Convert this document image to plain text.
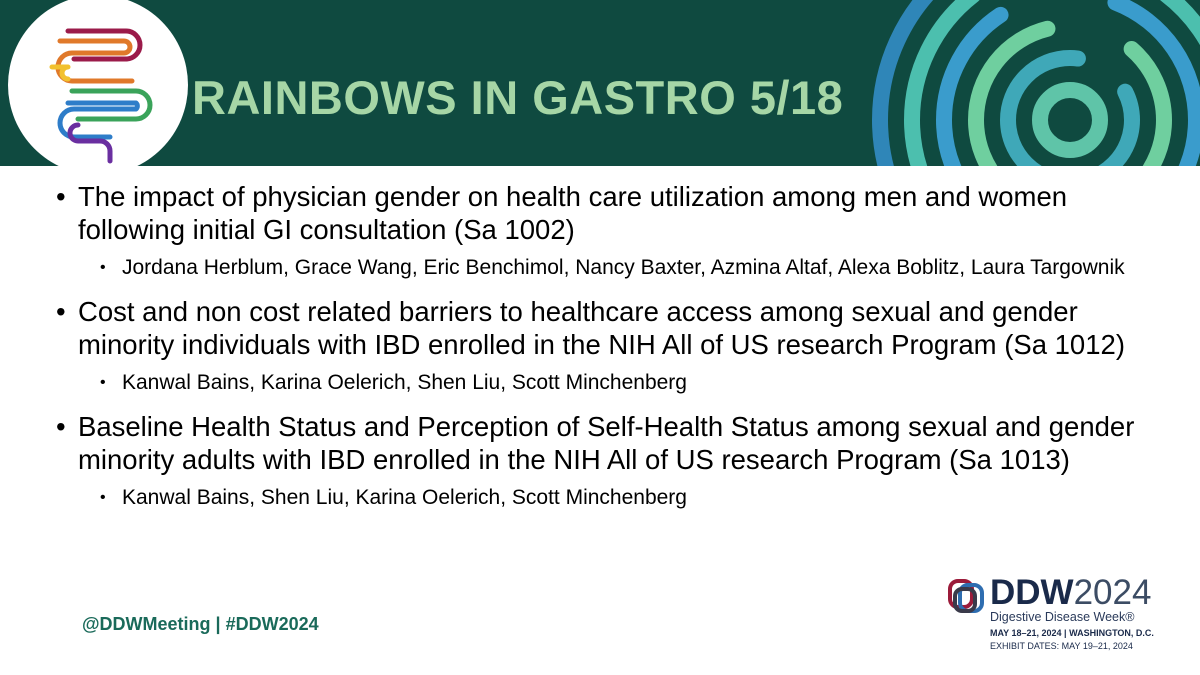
RAINBOWS IN GASTRO 5/18
• The impact of physician gender on health care utilization among men and women following initial GI consultation (Sa 1002)
• Jordana Herblum, Grace Wang, Eric Benchimol, Nancy Baxter, Azmina Altaf, Alexa Boblitz, Laura Targownik
• Cost and non cost related barriers to healthcare access among sexual and gender minority individuals with IBD enrolled in the NIH All of US research Program (Sa 1012)
• Kanwal Bains, Karina Oelerich, Shen Liu, Scott Minchenberg
• Baseline Health Status and Perception of Self-Health Status among sexual and gender minority adults with IBD enrolled in the NIH All of US research Program (Sa 1013)
• Kanwal Bains, Shen Liu, Karina Oelerich, Scott Minchenberg
@DDWMeeting | #DDW2024
DDW2024
Digestive Disease Week®
MAY 18–21, 2024 | WASHINGTON, D.C.
EXHIBIT DATES: MAY 19–21, 2024
